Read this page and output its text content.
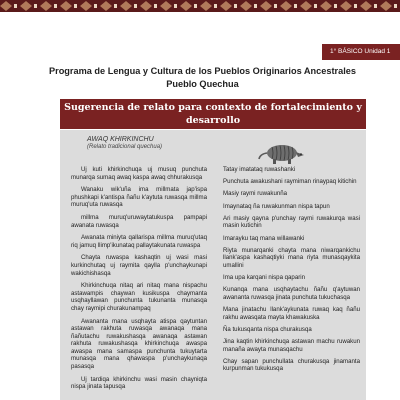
1° BÁSICO Unidad 1
Programa de Lengua y Cultura de los Pueblos Originarios Ancestrales
Pueblo Quechua
Sugerencia de relato para contexto de fortalecimiento y desarrollo
AWAQ KHIRKINCHU
(Relato tradicional quechua)

Uj kuti khirkinchuqa uj musuq punchuta munarqa sumaq awaq kaspa awaq chhurakusqa

Wanaku wik'uña ima millmata jap'ispa phushkapi k'antispa ñañu k'aytuta ruwasqa millma muruq'uta ruwasqa

millma muruq'uruwaytatukuspa pampapi awanata ruwasqa

Awanata miniyta qallarispa millma muruq'utaq riq jamuq llimp'ikunataq pallaytakunata ruwaspa

Chayta ruwaspa kashaqtin uj wasi masi kurkinchutaq uj raymita qaylla p'unchaykunapi wakichishasqa

Khirkinchuqa nitaq ari nitaq mana nispachu astawampis chaywan kusikuspa chaymanta usqhayllawan punchunta tukunanta munasqa chay raymipi churakunampaq

Awananta mana usqhayta atispa qaytuntan astawan rakhuta ruwasqa awanaqa mana ñañutachu ruwakushasqa awanaqa astawan rakhuta ruwakushasqa khirkinchuqa awaspa awaspa mana samaspa punchunta tukuytarta munasqa mana qhawaspa p'unchaykunaqa pasasqa

Uj tardiqa khirkinchu wasi masin chayniqta nispa jinata tapusqa

Tatay imatataq ruwashanki

Punchuta awakushani raymiman rinaypaq kitichin

Masiy raymi ruwakunña

Imaynataq ña ruwakunman nispa tapun

Ari masiy qayna p'unchay raymi ruwakurqa wasi masin kutichin

Imarayku taq mana willawanki

Riyta munarqanki chayta mana niwarqankichu llank'aspa kashaqtiyki mana riyta munasqaykita umallini

Ima upa karqani nispa qaparin

Kunanqa mana usqhaytachu ñañu q'aytuwan awananta ruwasqa jinata punchuta tukuchasqa

Mana jinatachu llank'aykunata ruwaq kaq ñañu rakhu awasqata mayta khawakuska

Ña tukusqanta nispa churakusqa

Jina kaqtin khirkinchuqa astawan machu ruwakun manaña awayta munasqachu

Chay sapan punchullata churakusqa jinamanta kurpunman tukukusqa
